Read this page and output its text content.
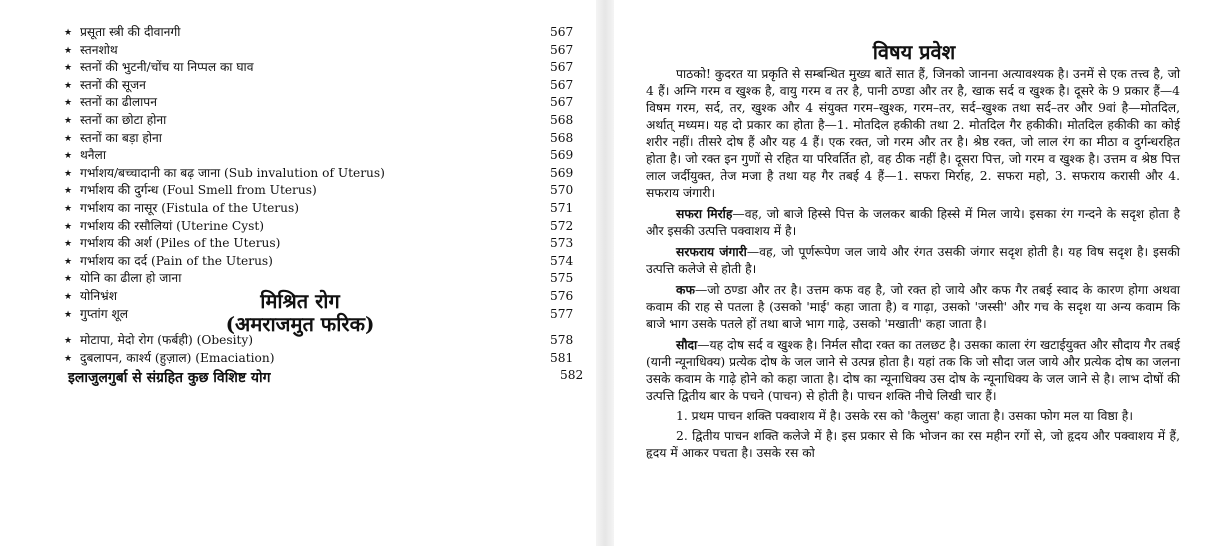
★ प्रसूता स्त्री की दीवानगी	567
★ स्तनशोथ	567
★ स्तनों की भुटनी/चोंच या निप्पल का घाव	567
★ स्तनों की सूजन	567
★ स्तनों का ढीलापन	567
★ स्तनों का छोटा होना	568
★ स्तनों का बड़ा होना	568
★ थनैला	569
★ गर्भाशय/बच्चादानी का बढ़ जाना (Sub invalution of Uterus)	569
★ गर्भाशय की दुर्गन्ध (Foul Smell from Uterus)	570
★ गर्भाशय का नासूर (Fistula of the Uterus)	571
★ गर्भाशय की रसौलियां (Uterine Cyst)	572
★ गर्भाशय की अर्श (Piles of the Uterus)	573
★ गर्भाशय का दर्द (Pain of the Uterus)	574
★ योनि का ढीला हो जाना	575
★ योनिभ्रंश	576
★ गुप्तांग शूल	577
मिश्रित रोग
(अमराजमुत फरिक)
★ मोटापा, मेदो रोग (फर्बही) (Obesity)	578
★ दुबलापन, कार्श्य (हुज़ाल) (Emaciation)	581
इलाजुलगुर्बा से संग्रहित कुछ विशिष्ट योग	582
विषय प्रवेश

पाठको! कुदरत या प्रकृति से सम्बन्धित मुख्य बातें सात हैं, जिनको जानना अत्यावश्यक है। उनमें से एक तत्त्व है, जो 4 हैं। अग्नि गरम व खुश्क है, वायु गरम व तर है, पानी ठण्डा और तर है, खाक सर्द व खुश्क है। दूसरे के 9 प्रकार हैं—4 विषम गरम, सर्द, तर, खुश्क और 4 संयुक्त गरम–खुश्क, गरम–तर, सर्द–खुश्क तथा सर्द–तर और 9वां है—मोतदिल, अर्थात् मध्यम। यह दो प्रकार का होता है—1. मोतदिल हकीकी तथा 2. मोतदिल गैर हकीकी। मोतदिल हकीकी का कोई शरीर नहीं। तीसरे दोष हैं और यह 4 हैं। एक रक्त, जो गरम और तर है। श्रेष्ठ रक्त, जो लाल रंग का मीठा व दुर्गन्धरहित होता है। जो रक्त इन गुणों से रहित या परिवर्तित हो, वह ठीक नहीं है। दूसरा पित्त, जो गरम व खुश्क है। उत्तम व श्रेष्ठ पित्त लाल जर्दीयुक्त, तेज मजा है तथा यह गैर तबई 4 हैं—1. सफरा मिर्राह, 2. सफरा महो, 3. सफराय करासी और 4. सफराय जंगारी।

सफरा मिर्राह—वह, जो बाजे हिस्से पित्त के जलकर बाकी हिस्से में मिल जाये। इसका रंग गन्दने के सदृश होता है और इसकी उत्पत्ति पक्वाशय में है।

सरफराय जंगारी—वह, जो पूर्णरूपेण जल जाये और रंगत उसकी जंगार सदृश होती है। यह विष सदृश है। इसकी उत्पत्ति कलेजे से होती है।

कफ—जो ठण्डा और तर है। उत्तम कफ वह है, जो रक्त हो जाये और कफ गैर तबई स्वाद के कारण होगा अथवा कवाम की राह से पतला है (उसको 'माई' कहा जाता है) व गाढ़ा, उसको 'जस्सी' और गच के सदृश या अन्य कवाम कि बाजे भाग उसके पतले हों तथा बाजे भाग गाढ़े, उसको 'मखाती' कहा जाता है।

सौदा—यह दोष सर्द व खुश्क है। निर्मल सौदा रक्त का तलछट है। उसका काला रंग खटाईयुक्त और सौदाय गैर तबई (यानी न्यूनाधिक्य) प्रत्येक दोष के जल जाने से उत्पन्न होता है। यहां तक कि जो सौदा जल जाये और प्रत्येक दोष का जलना उसके कवाम के गाढ़े होने को कहा जाता है। दोष का न्यूनाधिक्य उस दोष के न्यूनाधिक्य के जल जाने से है। लाभ दोषों की उत्पत्ति द्वितीय बार के पचने (पाचन) से होती है। पाचन शक्ति नीचे लिखी चार हैं।

1. प्रथम पाचन शक्ति पक्वाशय में है। उसके रस को 'कैलुस' कहा जाता है। उसका फोग मल या विष्ठा है।

2. द्वितीय पाचन शक्ति कलेजे में है। इस प्रकार से कि भोजन का रस महीन रगों से, जो हृदय और पक्वाशय में हैं, हृदय में आकर पचता है। उसके रस को
